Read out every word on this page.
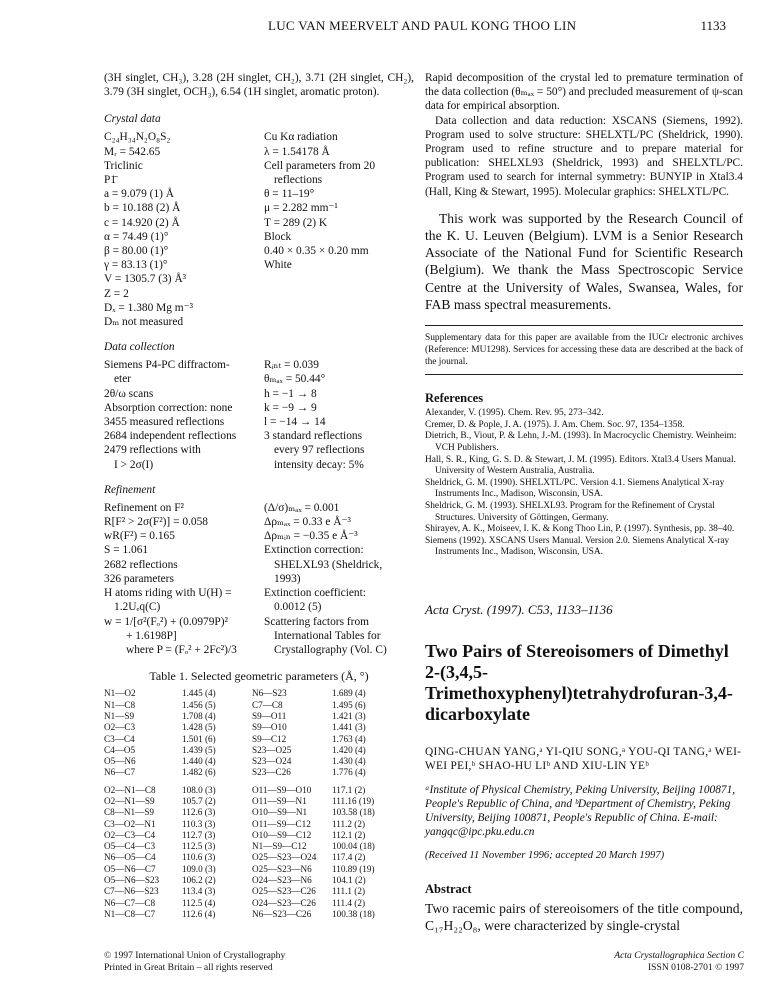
LUC VAN MEERVELT AND PAUL KONG THOO LIN	1133

(3H singlet, CH₃), 3.28 (2H singlet, CH₂), 3.71 (2H singlet, CH₂), 3.79 (3H singlet, OCH₃), 6.54 (1H singlet, aromatic proton).

Crystal data

C₂₄H₃₄N₂O₈S₂
Mᵣ = 542.65
Triclinic
P1̄
a = 9.079 (1) Å
b = 10.188 (2) Å
c = 14.920 (2) Å
α = 74.49 (1)°
β = 80.00 (1)°
γ = 83.13 (1)°
V = 1305.7 (3) Å³
Z = 2
Dₓ = 1.380 Mg m⁻³
Dₘ not measured
Cu Kα radiation
λ = 1.54178 Å
Cell parameters from 20
reflections
θ = 11–19°
μ = 2.282 mm⁻¹
T = 289 (2) K
Block
0.40 × 0.35 × 0.20 mm
White

Data collection

Siemens P4-PC diffractom-
eter
2θ/ω scans
Absorption correction: none
3455 measured reflections
2684 independent reflections
2479 reflections with
I > 2σ(I)
Rᵢₙₜ = 0.039
θₘₐₓ = 50.44°
h = −1 → 8
k = −9 → 9
l = −14 → 14
3 standard reflections
every 97 reflections
intensity decay: 5%

Refinement

Refinement on F²
R[F² > 2σ(F²)] = 0.058
wR(F²) = 0.165
S = 1.061
2682 reflections
326 parameters
H atoms riding with U(H) =
1.2Uₑq(C)
w = 1/[σ²(Fₒ²) + (0.0979P)²
+ 1.6198P]
where P = (Fₒ² + 2Fc²)/3
(Δ/σ)ₘₐₓ = 0.001
Δρₘₐₓ = 0.33 e Å⁻³
Δρₘᵢₙ = −0.35 e Å⁻³
Extinction correction:
SHELXL93 (Sheldrick,
1993)
Extinction coefficient:
0.0012 (5)
Scattering factors from
International Tables for
Crystallography (Vol. C)

Table 1. Selected geometric parameters (Å, °)

N1—O2	1.445 (4)	N6—S23	1.689 (4)
N1—C8	1.456 (5)	C7—C8	1.495 (6)
N1—S9	1.708 (4)	S9—O11	1.421 (3)
O2—C3	1.428 (5)	S9—O10	1.441 (3)
C3—C4	1.501 (6)	S9—C12	1.763 (4)
C4—O5	1.439 (5)	S23—O25	1.420 (4)
O5—N6	1.440 (4)	S23—O24	1.430 (4)
N6—C7	1.482 (6)	S23—C26	1.776 (4)
O2—N1—C8	108.0 (3)	O11—S9—O10	117.1 (2)
O2—N1—S9	105.7 (2)	O11—S9—N1	111.16 (19)
C8—N1—S9	112.6 (3)	O10—S9—N1	103.58 (18)
C3—O2—N1	110.3 (3)	O11—S9—C12	111.2 (2)
O2—C3—C4	112.7 (3)	O10—S9—C12	112.1 (2)
O5—C4—C3	112.5 (3)	N1—S9—C12	100.04 (18)
N6—O5—C4	110.6 (3)	O25—S23—O24	117.4 (2)
O5—N6—C7	109.0 (3)	O25—S23—N6	110.89 (19)
O5—N6—S23	106.2 (2)	O24—S23—N6	104.1 (2)
C7—N6—S23	113.4 (3)	O25—S23—C26	111.1 (2)
N6—C7—C8	112.5 (4)	O24—S23—C26	111.4 (2)
N1—C8—C7	112.6 (4)	N6—S23—C26	100.38 (18)
© 1997 International Union of Crystallography
Printed in Great Britain – all rights reserved

Rapid decomposition of the crystal led to premature termination of the data collection (θₘₐₓ = 50°) and precluded measurement of ψ-scan data for empirical absorption.

Data collection and data reduction: XSCANS (Siemens, 1992). Program used to solve structure: SHELXTL/PC (Sheldrick, 1990). Program used to refine structure and to prepare material for publication: SHELXL93 (Sheldrick, 1993) and SHELXTL/PC. Program used to search for internal symmetry: BUNYIP in Xtal3.4 (Hall, King & Stewart, 1995). Molecular graphics: SHELXTL/PC.

This work was supported by the Research Council of the K. U. Leuven (Belgium). LVM is a Senior Research Associate of the National Fund for Scientific Research (Belgium). We thank the Mass Spectroscopic Service Centre at the University of Wales, Swansea, Wales, for FAB mass spectral measurements.

Supplementary data for this paper are available from the IUCr electronic archives (Reference: MU1298). Services for accessing these data are described at the back of the journal.

References

Alexander, V. (1995). Chem. Rev. 95, 273–342.

Cremer, D. & Pople, J. A. (1975). J. Am. Chem. Soc. 97, 1354–1358.

Dietrich, B., Viout, P. & Lehn, J.-M. (1993). In Macrocyclic Chemistry. Weinheim: VCH Publishers.

Hall, S. R., King, G. S. D. & Stewart, J. M. (1995). Editors. Xtal3.4 Users Manual. University of Western Australia, Australia.

Sheldrick, G. M. (1990). SHELXTL/PC. Version 4.1. Siemens Analytical X-ray Instruments Inc., Madison, Wisconsin, USA.

Sheldrick, G. M. (1993). SHELXL93. Program for the Refinement of Crystal Structures. University of Göttingen, Germany.

Shirayev, A. K., Moiseev, I. K. & Kong Thoo Lin, P. (1997). Synthesis, pp. 38–40.

Siemens (1992). XSCANS Users Manual. Version 2.0. Siemens Analytical X-ray Instruments Inc., Madison, Wisconsin, USA.

Acta Cryst. (1997). C53, 1133–1136

Two Pairs of Stereoisomers of Dimethyl 2-(3,4,5-Trimethoxyphenyl)tetrahydrofuran-3,4-dicarboxylate

QING-CHUAN YANG,ᵃ YI-QIU SONG,ᵃ YOU-QI TANG,ᵃ WEI-WEI PEI,ᵇ SHAO-HU LIᵇ AND XIU-LIN YEᵇ

ᵃInstitute of Physical Chemistry, Peking University, Beijing 100871, People's Republic of China, and ᵇDepartment of Chemistry, Peking University, Beijing 100871, People's Republic of China. E-mail: yangqc@ipc.pku.edu.cn

(Received 11 November 1996; accepted 20 March 1997)

Abstract

Two racemic pairs of stereoisomers of the title compound, C₁₇H₂₂O₈, were characterized by single-crystal

Acta Crystallographica Section C
ISSN 0108-2701 © 1997
